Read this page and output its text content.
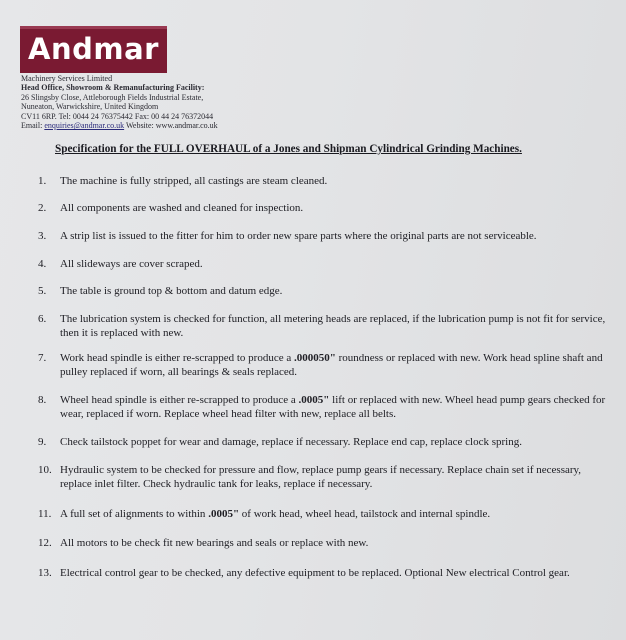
Andmar
Machinery Services Limited
Head Office, Showroom & Remanufacturing Facility:
26 Slingsby Close, Attleborough Fields Industrial Estate,
Nuneaton, Warwickshire, United Kingdom
CV11 6RP. Tel: 0044 24 76375442 Fax: 00 44 24 76372044
Email: enquiries@andmar.co.uk Website: www.andmar.co.uk
Specification for the FULL OVERHAUL of a Jones and Shipman Cylindrical Grinding Machines.
1.	The machine is fully stripped, all castings are steam cleaned.
2.	All components are washed and cleaned for inspection.
3.	A strip list is issued to the fitter for him to order new spare parts where the original parts are not serviceable.
4.	All slideways are cover scraped.
5.	The table is ground top & bottom and datum edge.
6.	The lubrication system is checked for function, all metering heads are replaced, if the lubrication pump is not fit for service, then it is replaced with new.
7.	Work head spindle is either re-scrapped to produce a .000050" roundness or replaced with new. Work head spline shaft and pulley replaced if worn, all bearings & seals replaced.
8.	Wheel head spindle is either re-scrapped to produce a .0005" lift or replaced with new. Wheel head pump gears checked for wear, replaced if worn. Replace wheel head filter with new, replace all belts.
9.	Check tailstock poppet for wear and damage, replace if necessary. Replace end cap, replace clock spring.
10. Hydraulic system to be checked for pressure and flow, replace pump gears if necessary. Replace chain set if necessary, replace inlet filter. Check hydraulic tank for leaks, replace if necessary.
11. A full set of alignments to within .0005" of work head, wheel head, tailstock and internal spindle.
12. All motors to be check fit new bearings and seals or replace with new.
13. Electrical control gear to be checked, any defective equipment to be replaced. Optional New electrical Control gear.
